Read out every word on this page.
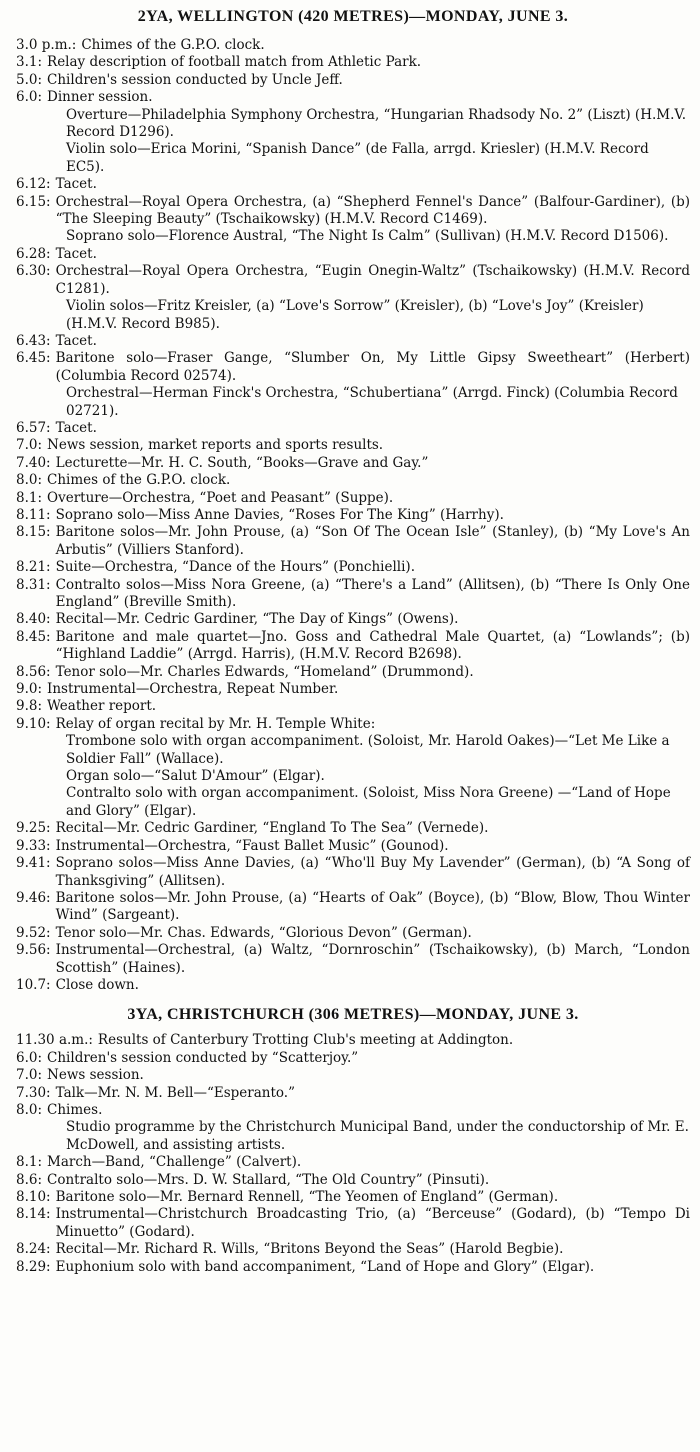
2YA, WELLINGTON (420 METRES)—MONDAY, JUNE 3.
3.0 p.m.: Chimes of the G.P.O. clock.
3.1: Relay description of football match from Athletic Park.
5.0: Children's session conducted by Uncle Jeff.
6.0: Dinner session.
Overture—Philadelphia Symphony Orchestra, “Hungarian Rhadsody No. 2” (Liszt) (H.M.V. Record D1296).
Violin solo—Erica Morini, “Spanish Dance” (de Falla, arrgd. Kriesler) (H.M.V. Record EC5).
6.12: Tacet.
6.15: Orchestral—Royal Opera Orchestra, (a) “Shepherd Fennel's Dance” (Balfour-Gardiner), (b) “The Sleeping Beauty” (Tschaikowsky) (H.M.V. Record C1469).
Soprano solo—Florence Austral, “The Night Is Calm” (Sullivan) (H.M.V. Record D1506).
6.28: Tacet.
6.30: Orchestral—Royal Opera Orchestra, “Eugin Onegin-Waltz” (Tschaikowsky) (H.M.V. Record C1281).
Violin solos—Fritz Kreisler, (a) “Love's Sorrow” (Kreisler), (b) “Love's Joy” (Kreisler) (H.M.V. Record B985).
6.43: Tacet.
6.45: Baritone solo—Fraser Gange, “Slumber On, My Little Gipsy Sweetheart” (Herbert) (Columbia Record 02574).
Orchestral—Herman Finck's Orchestra, “Schubertiana” (Arrgd. Finck) (Columbia Record 02721).
6.57: Tacet.
7.0: News session, market reports and sports results.
7.40: Lecturette—Mr. H. C. South, “Books—Grave and Gay.”
8.0: Chimes of the G.P.O. clock.
8.1: Overture—Orchestra, “Poet and Peasant” (Suppe).
8.11: Soprano solo—Miss Anne Davies, “Roses For The King” (Harrhy).
8.15: Baritone solos—Mr. John Prouse, (a) “Son Of The Ocean Isle” (Stanley), (b) “My Love's An Arbutis” (Villiers Stanford).
8.21: Suite—Orchestra, “Dance of the Hours” (Ponchielli).
8.31: Contralto solos—Miss Nora Greene, (a) “There's a Land” (Allitsen), (b) “There Is Only One England” (Breville Smith).
8.40: Recital—Mr. Cedric Gardiner, “The Day of Kings” (Owens).
8.45: Baritone and male quartet—Jno. Goss and Cathedral Male Quartet, (a) “Lowlands”; (b) “Highland Laddie” (Arrgd. Harris), (H.M.V. Record B2698).
8.56: Tenor solo—Mr. Charles Edwards, “Homeland” (Drummond).
9.0: Instrumental—Orchestra, Repeat Number.
9.8: Weather report.
9.10: Relay of organ recital by Mr. H. Temple White:
Trombone solo with organ accompaniment. (Soloist, Mr. Harold Oakes)—“Let Me Like a Soldier Fall” (Wallace).
Organ solo—“Salut D'Amour” (Elgar).
Contralto solo with organ accompaniment. (Soloist, Miss Nora Greene) —“Land of Hope and Glory” (Elgar).
9.25: Recital—Mr. Cedric Gardiner, “England To The Sea” (Vernede).
9.33: Instrumental—Orchestra, “Faust Ballet Music” (Gounod).
9.41: Soprano solos—Miss Anne Davies, (a) “Who'll Buy My Lavender” (German), (b) “A Song of Thanksgiving” (Allitsen).
9.46: Baritone solos—Mr. John Prouse, (a) “Hearts of Oak” (Boyce), (b) “Blow, Blow, Thou Winter Wind” (Sargeant).
9.52: Tenor solo—Mr. Chas. Edwards, “Glorious Devon” (German).
9.56: Instrumental—Orchestral, (a) Waltz, “Dornroschin” (Tschaikowsky), (b) March, “London Scottish” (Haines).
10.7: Close down.
3YA, CHRISTCHURCH (306 METRES)—MONDAY, JUNE 3.
11.30 a.m.: Results of Canterbury Trotting Club's meeting at Addington.
6.0: Children's session conducted by “Scatterjoy.”
7.0: News session.
7.30: Talk—Mr. N. M. Bell—“Esperanto.”
8.0: Chimes.
Studio programme by the Christchurch Municipal Band, under the conductorship of Mr. E. McDowell, and assisting artists.
8.1: March—Band, “Challenge” (Calvert).
8.6: Contralto solo—Mrs. D. W. Stallard, “The Old Country” (Pinsuti).
8.10: Baritone solo—Mr. Bernard Rennell, “The Yeomen of England” (German).
8.14: Instrumental—Christchurch Broadcasting Trio, (a) “Berceuse” (Godard), (b) “Tempo Di Minuetto” (Godard).
8.24: Recital—Mr. Richard R. Wills, “Britons Beyond the Seas” (Harold Begbie).
8.29: Euphonium solo with band accompaniment, “Land of Hope and Glory” (Elgar).
